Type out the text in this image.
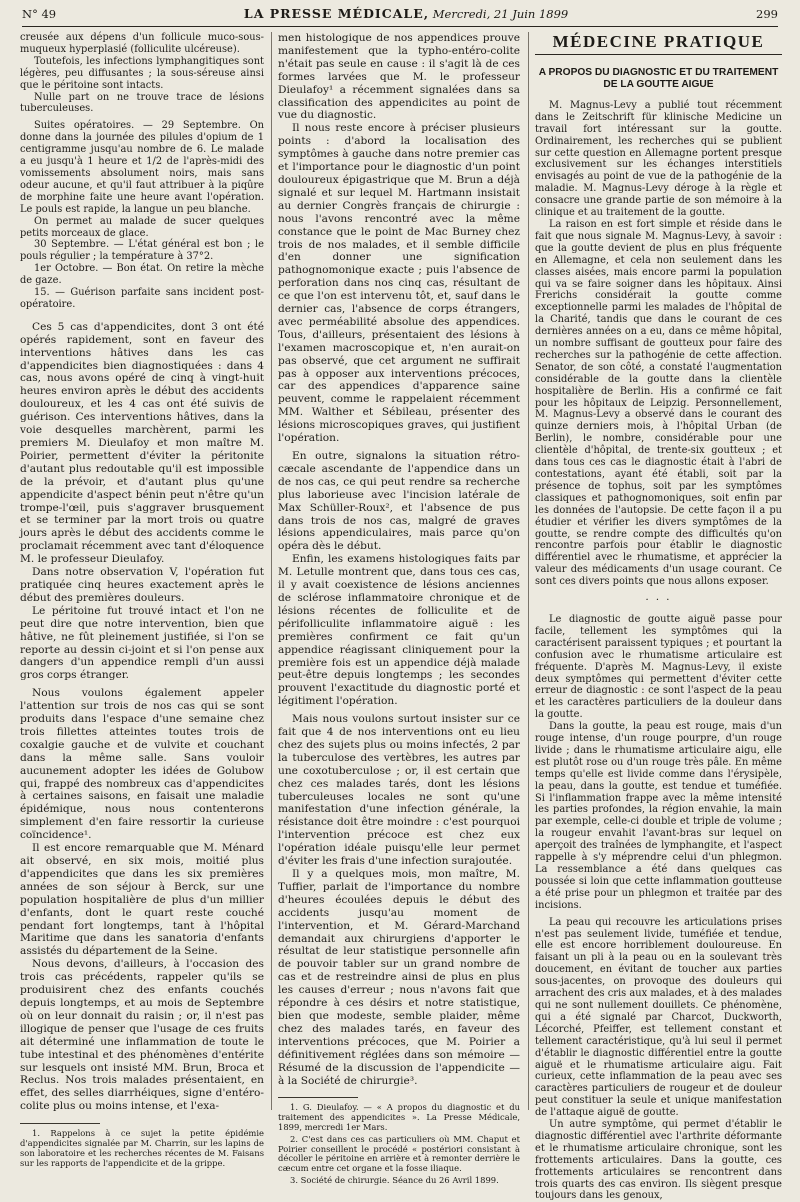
N° 49	LA PRESSE MÉDICALE, Mercredi, 21 Juin 1899	299

creusée aux dépens d'un follicule muco-sous-muqueux hyperplasié (folliculite ulcéreuse).

Toutefois, les infections lymphangitiques sont légères, peu diffusantes ; la sous-séreuse ainsi que le péritoine sont intacts.

Nulle part on ne trouve trace de lésions tuberculeuses.

Suites opératoires. — 29 Septembre. On donne dans la journée des pilules d'opium de 1 centigramme jusqu'au nombre de 6. Le malade a eu jusqu'à 1 heure et 1/2 de l'après-midi des vomissements absolument noirs, mais sans odeur aucune, et qu'il faut attribuer à la piqûre de morphine faite une heure avant l'opération. Le pouls est rapide, la langue un peu blanche.

On permet au malade de sucer quelques petits morceaux de glace.

30 Septembre. — L'état général est bon ; le pouls régulier ; la température à 37°2.

1er Octobre. — Bon état. On retire la mèche de gaze.

15. — Guérison parfaite sans incident post-opératoire.

Ces 5 cas d'appendicites, dont 3 ont été opérés rapidement, sont en faveur des interventions hâtives dans les cas d'appendicites bien diagnostiquées : dans 4 cas, nous avons opéré de cinq à vingt-huit heures environ après le début des accidents douloureux, et les 4 cas ont été suivis de guérison. Ces interventions hâtives, dans la voie desquelles marchèrent, parmi les premiers M. Dieulafoy et mon maître M. Poirier, permettent d'éviter la péritonite d'autant plus redoutable qu'il est impossible de la prévoir, et d'autant plus qu'une appendicite d'aspect bénin peut n'être qu'un trompe-l'œil, puis s'aggraver brusquement et se terminer par la mort trois ou quatre jours après le début des accidents comme le proclamait récemment avec tant d'éloquence M. le professeur Dieulafoy.

Dans notre observation V, l'opération fut pratiquée cinq heures exactement après le début des premières douleurs.

Le péritoine fut trouvé intact et l'on ne peut dire que notre intervention, bien que hâtive, ne fût pleinement justifiée, si l'on se reporte au dessin ci-joint et si l'on pense aux dangers d'un appendice rempli d'un aussi gros corps étranger.

Nous voulons également appeler l'attention sur trois de nos cas qui se sont produits dans l'espace d'une semaine chez trois fillettes atteintes toutes trois de coxalgie gauche et de vulvite et couchant dans la même salle. Sans vouloir aucunement adopter les idées de Golubow qui, frappé des nombreux cas d'appendicites à certaines saisons, en faisait une maladie épidémique, nous nous contenterons simplement d'en faire ressortir la curieuse coïncidence¹.

Il est encore remarquable que M. Ménard ait observé, en six mois, moitié plus d'appendicites que dans les six premières années de son séjour à Berck, sur une population hospitalière de plus d'un millier d'enfants, dont le quart reste couché pendant fort longtemps, tant à l'hôpital Maritime que dans les sanatoria d'enfants assistés du département de la Seine.

Nous devons, d'ailleurs, à l'occasion des trois cas précédents, rappeler qu'ils se produisirent chez des enfants couchés depuis longtemps, et au mois de Septembre où on leur donnait du raisin ; or, il n'est pas illogique de penser que l'usage de ces fruits ait déterminé une inflammation de toute le tube intestinal et des phénomènes d'entérite sur lesquels ont insisté MM. Brun, Broca et Reclus. Nos trois malades présentaient, en effet, des selles diarrhéiques, signe d'entéro-colite plus ou moins intense, et l'exa-

1. Rappelons à ce sujet la petite épidémie d'appendicites signalée par M. Charrin, sur les lapins de son laboratoire et les recherches récentes de M. Faisans sur les rapports de l'appendicite et de la grippe.

men histologique de nos appendices prouve manifestement que la typho-entéro-colite n'était pas seule en cause : il s'agit là de ces formes larvées que M. le professeur Dieulafoy¹ a récemment signalées dans sa classification des appendicites au point de vue du diagnostic.

Il nous reste encore à préciser plusieurs points : d'abord la localisation des symptômes à gauche dans notre premier cas et l'importance pour le diagnostic d'un point douloureux épigastrique que M. Brun a déjà signalé et sur lequel M. Hartmann insistait au dernier Congrès français de chirurgie : nous l'avons rencontré avec la même constance que le point de Mac Burney chez trois de nos malades, et il semble difficile d'en donner une signification pathognomonique exacte ; puis l'absence de perforation dans nos cinq cas, résultant de ce que l'on est intervenu tôt, et, sauf dans le dernier cas, l'absence de corps étrangers, avec perméabilité absolue des appendices. Tous, d'ailleurs, présentaient des lésions à l'examen macroscopique et, n'en aurait-on pas observé, que cet argument ne suffirait pas à opposer aux interventions précoces, car des appendices d'apparence saine peuvent, comme le rappelaient récemment MM. Walther et Sébileau, présenter des lésions microscopiques graves, qui justifient l'opération.

En outre, signalons la situation rétro-cæcale ascendante de l'appendice dans un de nos cas, ce qui peut rendre sa recherche plus laborieuse avec l'incision latérale de Max Schüller-Roux², et l'absence de pus dans trois de nos cas, malgré de graves lésions appendiculaires, mais parce qu'on opéra dès le début.

Enfin, les examens histologiques faits par M. Letulle montrent que, dans tous ces cas, il y avait coexistence de lésions anciennes de sclérose inflammatoire chronique et de lésions récentes de folliculite et de périfolliculite inflammatoire aiguë : les premières confirment ce fait qu'un appendice réagissant cliniquement pour la première fois est un appendice déjà malade peut-être depuis longtemps ; les secondes prouvent l'exactitude du diagnostic porté et légitiment l'opération.

Mais nous voulons surtout insister sur ce fait que 4 de nos interventions ont eu lieu chez des sujets plus ou moins infectés, 2 par la tuberculose des vertèbres, les autres par une coxotuberculose ; or, il est certain que chez ces malades tarés, dont les lésions tuberculeuses locales ne sont qu'une manifestation d'une infection générale, la résistance doit être moindre : c'est pourquoi l'intervention précoce est chez eux l'opération idéale puisqu'elle leur permet d'éviter les frais d'une infection surajoutée.

Il y a quelques mois, mon maître, M. Tuffier, parlait de l'importance du nombre d'heures écoulées depuis le début des accidents jusqu'au moment de l'intervention, et M. Gérard-Marchand demandait aux chirurgiens d'apporter le résultat de leur statistique personnelle afin de pouvoir tabler sur un grand nombre de cas et de restreindre ainsi de plus en plus les causes d'erreur ; nous n'avons fait que répondre à ces désirs et notre statistique, bien que modeste, semble plaider, même chez des malades tarés, en faveur des interventions précoces, que M. Poirier a définitivement réglées dans son mémoire — Résumé de la discussion de l'appendicite — à la Société de chirurgie³.

1. G. Dieulafoy. — « A propos du diagnostic et du traitement des appendicites ». La Presse Médicale, 1899, mercredi 1er Mars.

2. C'est dans ces cas particuliers où MM. Chaput et Poirier conseillent le procédé « postériori consistant à décoller le péritoine en arrière et à remonter derrière le cæcum entre cet organe et la fosse iliaque.

3. Société de chirurgie. Séance du 26 Avril 1899.

MÉDECINE PRATIQUE
A PROPOS DU DIAGNOSTIC ET DU TRAITEMENT DE LA GOUTTE AIGUE

M. Magnus-Levy a publié tout récemment dans le Zeitschrift für klinische Medicine un travail fort intéressant sur la goutte. Ordinairement, les recherches qui se publient sur cette question en Allemagne portent presque exclusivement sur les échanges interstitiels envisagés au point de vue de la pathogénie de la maladie. M. Magnus-Levy déroge à la règle et consacre une grande partie de son mémoire à la clinique et au traitement de la goutte.

La raison en est fort simple et réside dans le fait que nous signale M. Magnus-Levy, à savoir : que la goutte devient de plus en plus fréquente en Allemagne, et cela non seulement dans les classes aisées, mais encore parmi la population qui va se faire soigner dans les hôpitaux. Ainsi Frerichs considérait la goutte comme exceptionnelle parmi les malades de l'hôpital de la Charité, tandis que dans le courant de ces dernières années on a eu, dans ce même hôpital, un nombre suffisant de goutteux pour faire des recherches sur la pathogénie de cette affection. Senator, de son côté, a constaté l'augmentation considérable de la goutte dans la clientèle hospitalière de Berlin. His a confirmé ce fait pour les hôpitaux de Leipzig. Personnellement, M. Magnus-Levy a observé dans le courant des quinze derniers mois, à l'hôpital Urban (de Berlin), le nombre, considérable pour une clientèle d'hôpital, de trente-six goutteux ; et dans tous ces cas le diagnostic était à l'abri de contestations, ayant été établi, soit par la présence de tophus, soit par les symptômes classiques et pathognomoniques, soit enfin par les données de l'autopsie. De cette façon il a pu étudier et vérifier les divers symptômes de la goutte, se rendre compte des difficultés qu'on rencontre parfois pour établir le diagnostic différentiel avec le rhumatisme, et apprécier la valeur des médicaments d'un usage courant. Ce sont ces divers points que nous allons exposer.

· · ·

Le diagnostic de goutte aiguë passe pour facile, tellement les symptômes qui la caractérisent paraissent typiques ; et pourtant la confusion avec le rhumatisme articulaire est fréquente. D'après M. Magnus-Levy, il existe deux symptômes qui permettent d'éviter cette erreur de diagnostic : ce sont l'aspect de la peau et les caractères particuliers de la douleur dans la goutte.

Dans la goutte, la peau est rouge, mais d'un rouge intense, d'un rouge pourpre, d'un rouge livide ; dans le rhumatisme articulaire aigu, elle est plutôt rose ou d'un rouge très pâle. En même temps qu'elle est livide comme dans l'érysipèle, la peau, dans la goutte, est tendue et tuméfiée. Si l'inflammation frappe avec la même intensité les parties profondes, la région envahie, la main par exemple, celle-ci double et triple de volume ; la rougeur envahit l'avant-bras sur lequel on aperçoit des traînées de lymphangite, et l'aspect rappelle à s'y méprendre celui d'un phlegmon. La ressemblance a été dans quelques cas poussée si loin que cette inflammation goutteuse a été prise pour un phlegmon et traitée par des incisions.

La peau qui recouvre les articulations prises n'est pas seulement livide, tuméfiée et tendue, elle est encore horriblement douloureuse. En faisant un pli à la peau ou en la soulevant très doucement, en évitant de toucher aux parties sous-jacentes, on provoque des douleurs qui arrachent des cris aux malades, et à des malades qui ne sont nullement douillets. Ce phénomène, qui a été signalé par Charcot, Duckworth, Lécorché, Pfeiffer, est tellement constant et tellement caractéristique, qu'à lui seul il permet d'établir le diagnostic différentiel entre la goutte aiguë et le rhumatisme articulaire aigu. Fait curieux, cette inflammation de la peau avec ses caractères particuliers de rougeur et de douleur peut constituer la seule et unique manifestation de l'attaque aiguë de goutte.

Un autre symptôme, qui permet d'établir le diagnostic différentiel avec l'arthrite déformante et le rhumatisme articulaire chronique, sont les frottements articulaires. Dans la goutte, ces frottements articulaires se rencontrent dans trois quarts des cas environ. Ils siègent presque toujours dans les genoux,
